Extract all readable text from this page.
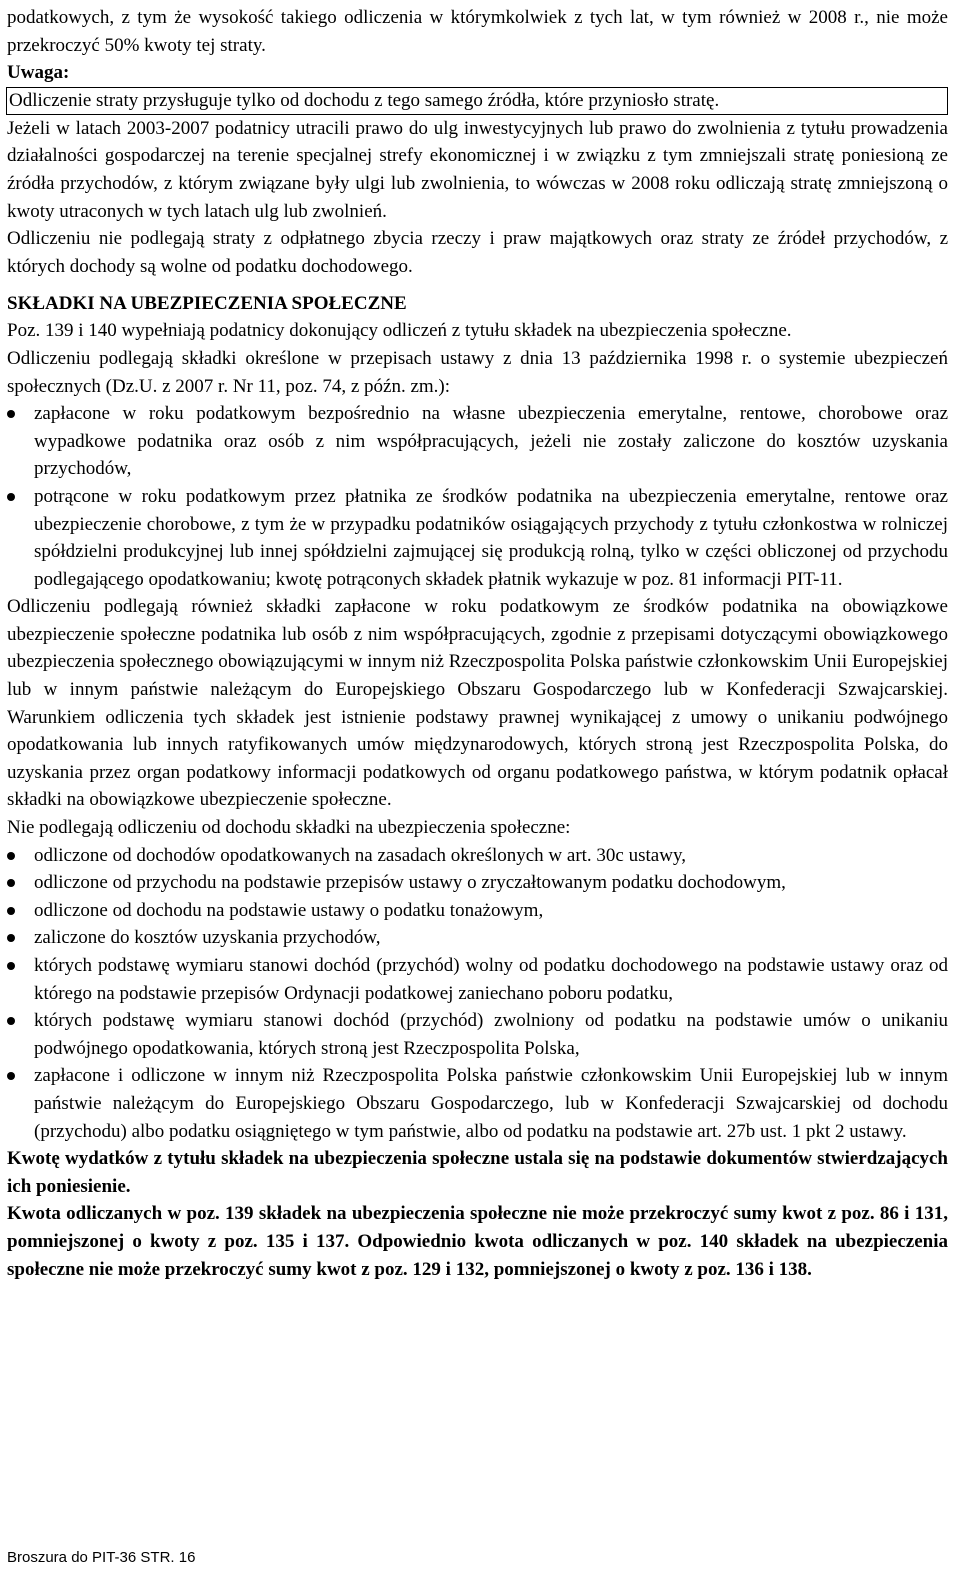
podatkowych, z tym że wysokość takiego odliczenia w którymkolwiek z tych lat, w tym również w 2008 r., nie może przekroczyć 50% kwoty tej straty.

Uwaga:

Odliczenie straty przysługuje tylko od dochodu z tego samego źródła, które przyniosło stratę.

Jeżeli w latach 2003-2007 podatnicy utracili prawo do ulg inwestycyjnych lub prawo do zwolnienia z tytułu prowadzenia działalności gospodarczej na terenie specjalnej strefy ekonomicznej i w związku z tym zmniejszali stratę poniesioną ze źródła przychodów, z którym związane były ulgi lub zwolnienia, to wówczas w 2008 roku odliczają stratę zmniejszoną o kwoty utraconych w tych latach ulg lub zwolnień.

Odliczeniu nie podlegają straty z odpłatnego zbycia rzeczy i praw majątkowych oraz straty ze źródeł przychodów, z których dochody są wolne od podatku dochodowego.

SKŁADKI NA UBEZPIECZENIA SPOŁECZNE

Poz. 139 i 140 wypełniają podatnicy dokonujący odliczeń z tytułu składek na ubezpieczenia społeczne.

Odliczeniu podlegają składki określone w przepisach ustawy z dnia 13 października 1998 r. o systemie ubezpieczeń społecznych (Dz.U. z 2007 r. Nr 11, poz. 74, z późn. zm.):

zapłacone w roku podatkowym bezpośrednio na własne ubezpieczenia emerytalne, rentowe, chorobowe oraz wypadkowe podatnika oraz osób z nim współpracujących, jeżeli nie zostały zaliczone do kosztów uzyskania przychodów,
potrącone w roku podatkowym przez płatnika ze środków podatnika na ubezpieczenia emerytalne, rentowe oraz ubezpieczenie chorobowe, z tym że w przypadku podatników osiągających przychody z tytułu członkostwa w rolniczej spółdzielni produkcyjnej lub innej spółdzielni zajmującej się produkcją rolną, tylko w części obliczonej od przychodu podlegającego opodatkowaniu; kwotę potrąconych składek płatnik wykazuje w poz. 81 informacji PIT-11.

Odliczeniu podlegają również składki zapłacone w roku podatkowym ze środków podatnika na obowiązkowe ubezpieczenie społeczne podatnika lub osób z nim współpracujących, zgodnie z przepisami dotyczącymi obowiązkowego ubezpieczenia społecznego obowiązującymi w innym niż Rzeczpospolita Polska państwie członkowskim Unii Europejskiej lub w innym państwie należącym do Europejskiego Obszaru Gospodarczego lub w Konfederacji Szwajcarskiej. Warunkiem odliczenia tych składek jest istnienie podstawy prawnej wynikającej z umowy o unikaniu podwójnego opodatkowania lub innych ratyfikowanych umów międzynarodowych, których stroną jest Rzeczpospolita Polska, do uzyskania przez organ podatkowy informacji podatkowych od organu podatkowego państwa, w którym podatnik opłacał składki na obowiązkowe ubezpieczenie społeczne.

Nie podlegają odliczeniu od dochodu składki na ubezpieczenia społeczne:

odliczone od dochodów opodatkowanych na zasadach określonych w art. 30c ustawy,
odliczone od przychodu na podstawie przepisów ustawy o zryczałtowanym podatku dochodowym,
odliczone od dochodu na podstawie ustawy o podatku tonażowym,
zaliczone do kosztów uzyskania przychodów,
których podstawę wymiaru stanowi dochód (przychód) wolny od podatku dochodowego na podstawie ustawy oraz od którego na podstawie przepisów Ordynacji podatkowej zaniechano poboru podatku,
których podstawę wymiaru stanowi dochód (przychód) zwolniony od podatku na podstawie umów o unikaniu podwójnego opodatkowania, których stroną jest Rzeczpospolita Polska,
zapłacone i odliczone w innym niż Rzeczpospolita Polska państwie członkowskim Unii Europejskiej lub w innym państwie należącym do Europejskiego Obszaru Gospodarczego, lub w Konfederacji Szwajcarskiej od dochodu (przychodu) albo podatku osiągniętego w tym państwie, albo od podatku na podstawie art. 27b ust. 1 pkt 2 ustawy.

Kwotę wydatków z tytułu składek na ubezpieczenia społeczne ustala się na podstawie dokumentów stwierdzających ich poniesienie.

Kwota odliczanych w poz. 139 składek na ubezpieczenia społeczne nie może przekroczyć sumy kwot z poz. 86 i 131, pomniejszonej o kwoty z poz. 135 i 137. Odpowiednio kwota odliczanych w poz. 140 składek na ubezpieczenia społeczne nie może przekroczyć sumy kwot z poz. 129 i 132, pomniejszonej o kwoty z poz. 136 i 138.

Broszura do PIT-36 STR. 16
